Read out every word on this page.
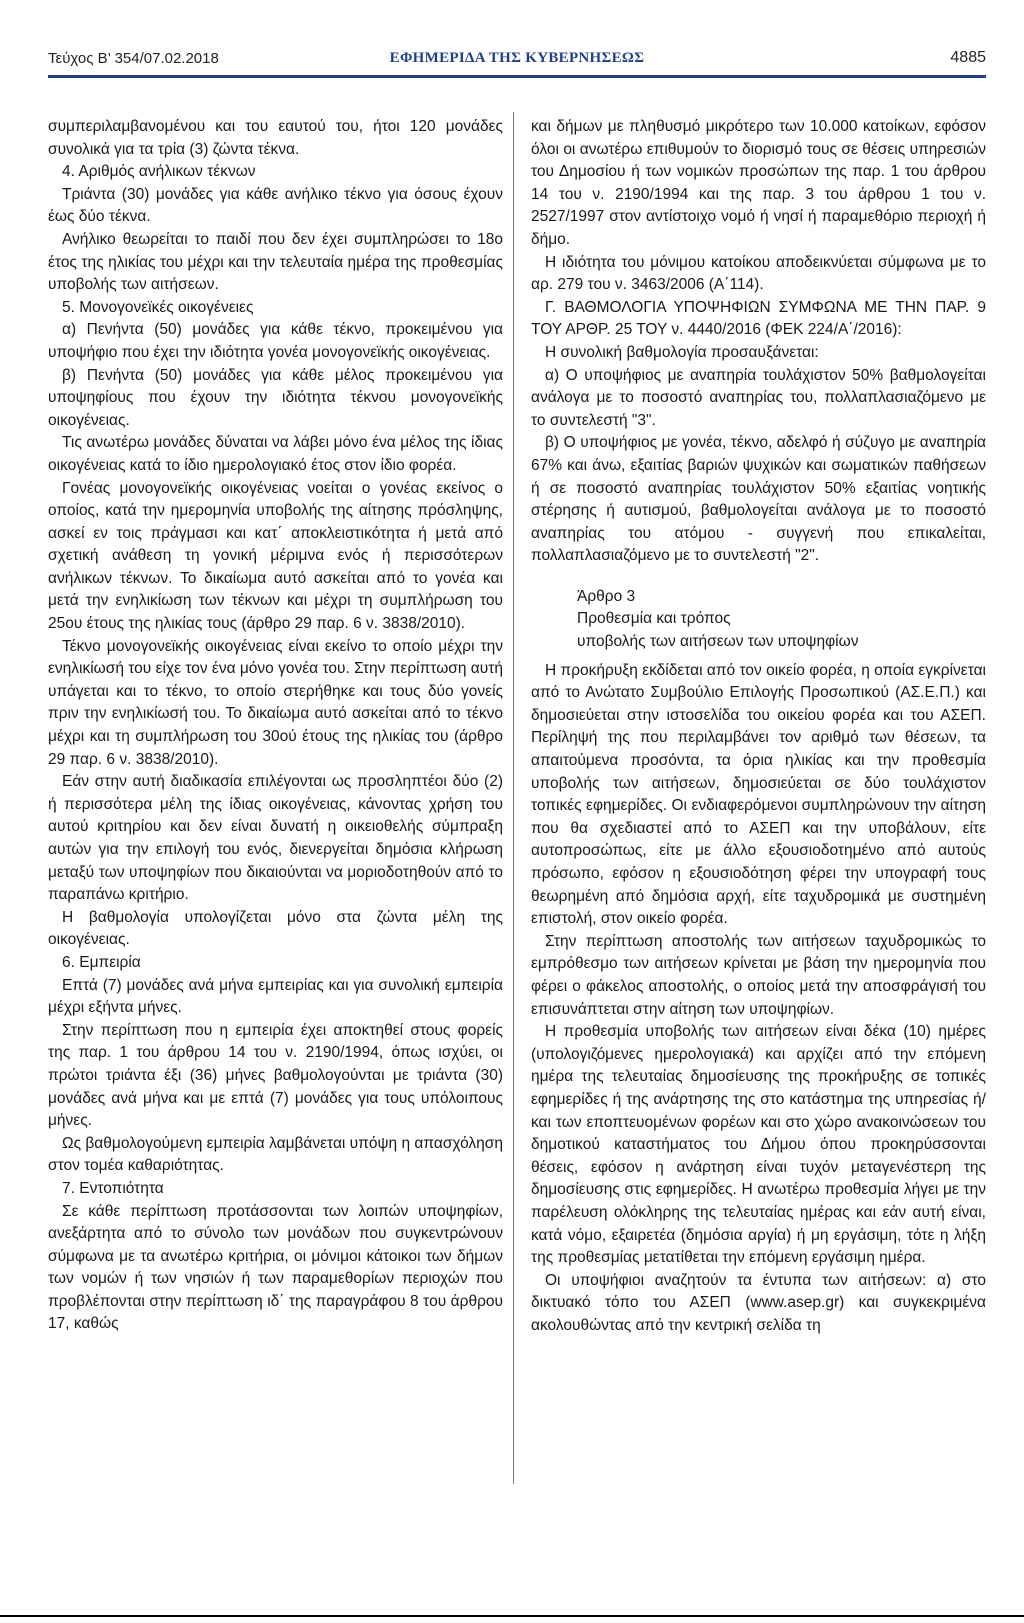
Τεύχος Β’ 354/07.02.2018	ΕΦΗΜΕΡΙΔΑ ΤΗΣ ΚΥΒΕΡΝΗΣΕΩΣ	4885

συμπεριλαμβανομένου και του εαυτού του, ήτοι 120 μονάδες συνολικά για τα τρία (3) ζώντα τέκνα.

4. Αριθμός ανήλικων τέκνων

Τριάντα (30) μονάδες για κάθε ανήλικο τέκνο για όσους έχουν έως δύο τέκνα.

Ανήλικο θεωρείται το παιδί που δεν έχει συμπληρώσει το 18ο έτος της ηλικίας του μέχρι και την τελευταία ημέρα της προθεσμίας υποβολής των αιτήσεων.

5. Μονογονεϊκές οικογένειες

α) Πενήντα (50) μονάδες για κάθε τέκνο, προκειμένου για υποψήφιο που έχει την ιδιότητα γονέα μονογονεϊκής οικογένειας.

β) Πενήντα (50) μονάδες για κάθε μέλος προκειμένου για υποψηφίους που έχουν την ιδιότητα τέκνου μονογονεϊκής οικογένειας.

Τις ανωτέρω μονάδες δύναται να λάβει μόνο ένα μέλος της ίδιας οικογένειας κατά το ίδιο ημερολογιακό έτος στον ίδιο φορέα.

Γονέας μονογονεϊκής οικογένειας νοείται ο γονέας εκείνος ο οποίος, κατά την ημερομηνία υποβολής της αίτησης πρόσληψης, ασκεί εν τοις πράγμασι και κατ΄ αποκλειστικότητα ή μετά από σχετική ανάθεση τη γονική μέριμνα ενός ή περισσότερων ανήλικων τέκνων. Το δικαίωμα αυτό ασκείται από το γονέα και μετά την ενηλικίωση των τέκνων και μέχρι τη συμπλήρωση του 25ου έτους της ηλικίας τους (άρθρο 29 παρ. 6 ν. 3838/2010).

Τέκνο μονογονεϊκής οικογένειας είναι εκείνο το οποίο μέχρι την ενηλικίωσή του είχε τον ένα μόνο γονέα του. Στην περίπτωση αυτή υπάγεται και το τέκνο, το οποίο στερήθηκε και τους δύο γονείς πριν την ενηλικίωσή του. Το δικαίωμα αυτό ασκείται από το τέκνο μέχρι και τη συμπλήρωση του 30ού έτους της ηλικίας του (άρθρο 29 παρ. 6 ν. 3838/2010).

Εάν στην αυτή διαδικασία επιλέγονται ως προσληπτέοι δύο (2) ή περισσότερα μέλη της ίδιας οικογένειας, κάνοντας χρήση του αυτού κριτηρίου και δεν είναι δυνατή η οικειοθελής σύμπραξη αυτών για την επιλογή του ενός, διενεργείται δημόσια κλήρωση μεταξύ των υποψηφίων που δικαιούνται να μοριοδοτηθούν από το παραπάνω κριτήριο.

Η βαθμολογία υπολογίζεται μόνο στα ζώντα μέλη της οικογένειας.

6. Εμπειρία

Επτά (7) μονάδες ανά μήνα εμπειρίας και για συνολική εμπειρία μέχρι εξήντα μήνες.

Στην περίπτωση που η εμπειρία έχει αποκτηθεί στους φορείς της παρ. 1 του άρθρου 14 του ν. 2190/1994, όπως ισχύει, οι πρώτοι τριάντα έξι (36) μήνες βαθμολογούνται με τριάντα (30) μονάδες ανά μήνα και με επτά (7) μονάδες για τους υπόλοιπους μήνες.

Ως βαθμολογούμενη εμπειρία λαμβάνεται υπόψη η απασχόληση στον τομέα καθαριότητας.

7. Εντοπιότητα

Σε κάθε περίπτωση προτάσσονται των λοιπών υποψηφίων, ανεξάρτητα από το σύνολο των μονάδων που συγκεντρώνουν σύμφωνα με τα ανωτέρω κριτήρια, οι μόνιμοι κάτοικοι των δήμων των νομών ή των νησιών ή των παραμεθορίων περιοχών που προβλέπονται στην περίπτωση ιδ΄ της παραγράφου 8 του άρθρου 17, καθώς

και δήμων με πληθυσμό μικρότερο των 10.000 κατοίκων, εφόσον όλοι οι ανωτέρω επιθυμούν το διορισμό τους σε θέσεις υπηρεσιών του Δημοσίου ή των νομικών προσώπων της παρ. 1 του άρθρου 14 του ν. 2190/1994 και της παρ. 3 του άρθρου 1 του ν. 2527/1997 στον αντίστοιχο νομό ή νησί ή παραμεθόριο περιοχή ή δήμο.

Η ιδιότητα του μόνιμου κατοίκου αποδεικνύεται σύμφωνα με το αρ. 279 του ν. 3463/2006 (Α΄114).

Γ. ΒΑΘΜΟΛΟΓΙΑ ΥΠΟΨΗΦΙΩΝ ΣΥΜΦΩΝΑ ΜΕ ΤΗΝ ΠΑΡ. 9 ΤΟΥ ΑΡΘΡ. 25 ΤΟΥ ν. 4440/2016 (ΦΕΚ 224/Α΄/2016):

Η συνολική βαθμολογία προσαυξάνεται:

α) Ο υποψήφιος με αναπηρία τουλάχιστον 50% βαθμολογείται ανάλογα με το ποσοστό αναπηρίας του, πολλαπλασιαζόμενο με το συντελεστή "3".

β) Ο υποψήφιος με γονέα, τέκνο, αδελφό ή σύζυγο με αναπηρία 67% και άνω, εξαιτίας βαριών ψυχικών και σωματικών παθήσεων ή σε ποσοστό αναπηρίας τουλάχιστον 50% εξαιτίας νοητικής στέρησης ή αυτισμού, βαθμολογείται ανάλογα με το ποσοστό αναπηρίας του ατόμου - συγγενή που επικαλείται, πολλαπλασιαζόμενο με το συντελεστή "2".

Άρθρο 3
Προθεσμία και τρόπος
υποβολής των αιτήσεων των υποψηφίων

Η προκήρυξη εκδίδεται από τον οικείο φορέα, η οποία εγκρίνεται από το Ανώτατο Συμβούλιο Επιλογής Προσωπικού (ΑΣ.Ε.Π.) και δημοσιεύεται στην ιστοσελίδα του οικείου φορέα και του ΑΣΕΠ. Περίληψή της που περιλαμβάνει τον αριθμό των θέσεων, τα απαιτούμενα προσόντα, τα όρια ηλικίας και την προθεσμία υποβολής των αιτήσεων, δημοσιεύεται σε δύο τουλάχιστον τοπικές εφημερίδες. Οι ενδιαφερόμενοι συμπληρώνουν την αίτηση που θα σχεδιαστεί από το ΑΣΕΠ και την υποβάλουν, είτε αυτοπροσώπως, είτε με άλλο εξουσιοδοτημένο από αυτούς πρόσωπο, εφόσον η εξουσιοδότηση φέρει την υπογραφή τους θεωρημένη από δημόσια αρχή, είτε ταχυδρομικά με συστημένη επιστολή, στον οικείο φορέα.

Στην περίπτωση αποστολής των αιτήσεων ταχυδρομικώς το εμπρόθεσμο των αιτήσεων κρίνεται με βάση την ημερομηνία που φέρει ο φάκελος αποστολής, ο οποίος μετά την αποσφράγισή του επισυνάπτεται στην αίτηση των υποψηφίων.

Η προθεσμία υποβολής των αιτήσεων είναι δέκα (10) ημέρες (υπολογιζόμενες ημερολογιακά) και αρχίζει από την επόμενη ημέρα της τελευταίας δημοσίευσης της προκήρυξης σε τοπικές εφημερίδες ή της ανάρτησης της στο κατάστημα της υπηρεσίας ή/και των εποπτευομένων φορέων και στο χώρο ανακοινώσεων του δημοτικού καταστήματος του Δήμου όπου προκηρύσσονται θέσεις, εφόσον η ανάρτηση είναι τυχόν μεταγενέστερη της δημοσίευσης στις εφημερίδες. Η ανωτέρω προθεσμία λήγει με την παρέλευση ολόκληρης της τελευταίας ημέρας και εάν αυτή είναι, κατά νόμο, εξαιρετέα (δημόσια αργία) ή μη εργάσιμη, τότε η λήξη της προθεσμίας μετατίθεται την επόμενη εργάσιμη ημέρα.

Οι υποψήφιοι αναζητούν τα έντυπα των αιτήσεων: α) στο δικτυακό τόπο του ΑΣΕΠ (www.asep.gr) και συγκεκριμένα ακολουθώντας από την κεντρική σελίδα τη
